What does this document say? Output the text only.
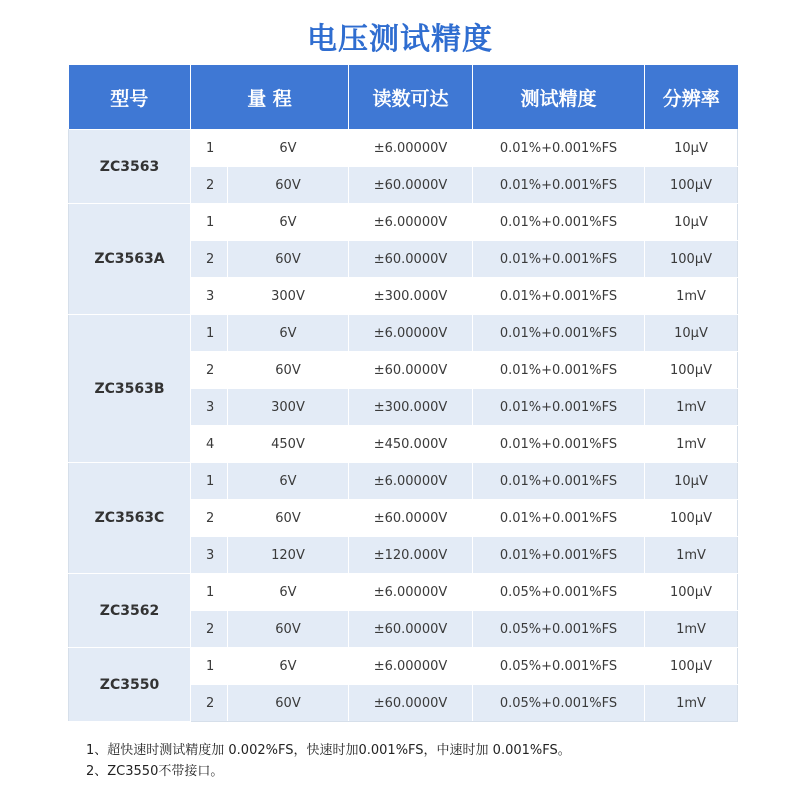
电压测试精度
型号	量 程		读数可达	测试精度	分辨率
ZC3563	1	6V	±6.00000V	0.01%+0.001%FS	10μV
	2	60V	±60.0000V	0.01%+0.001%FS	100μV
ZC3563A	1	6V	±6.00000V	0.01%+0.001%FS	10μV
	2	60V	±60.0000V	0.01%+0.001%FS	100μV
	3	300V	±300.000V	0.01%+0.001%FS	1mV
ZC3563B	1	6V	±6.00000V	0.01%+0.001%FS	10μV
	2	60V	±60.0000V	0.01%+0.001%FS	100μV
	3	300V	±300.000V	0.01%+0.001%FS	1mV
	4	450V	±450.000V	0.01%+0.001%FS	1mV
ZC3563C	1	6V	±6.00000V	0.01%+0.001%FS	10μV
	2	60V	±60.0000V	0.01%+0.001%FS	100μV
	3	120V	±120.000V	0.01%+0.001%FS	1mV
ZC3562	1	6V	±6.00000V	0.05%+0.001%FS	100μV
	2	60V	±60.0000V	0.05%+0.001%FS	1mV
ZC3550	1	6V	±6.00000V	0.05%+0.001%FS	100μV
	2	60V	±60.0000V	0.05%+0.001%FS	1mV
1、超快速时测试精度加 0.002%FS，快速时加0.001%FS，中速时加 0.001%FS。
2、ZC3550不带接口。
